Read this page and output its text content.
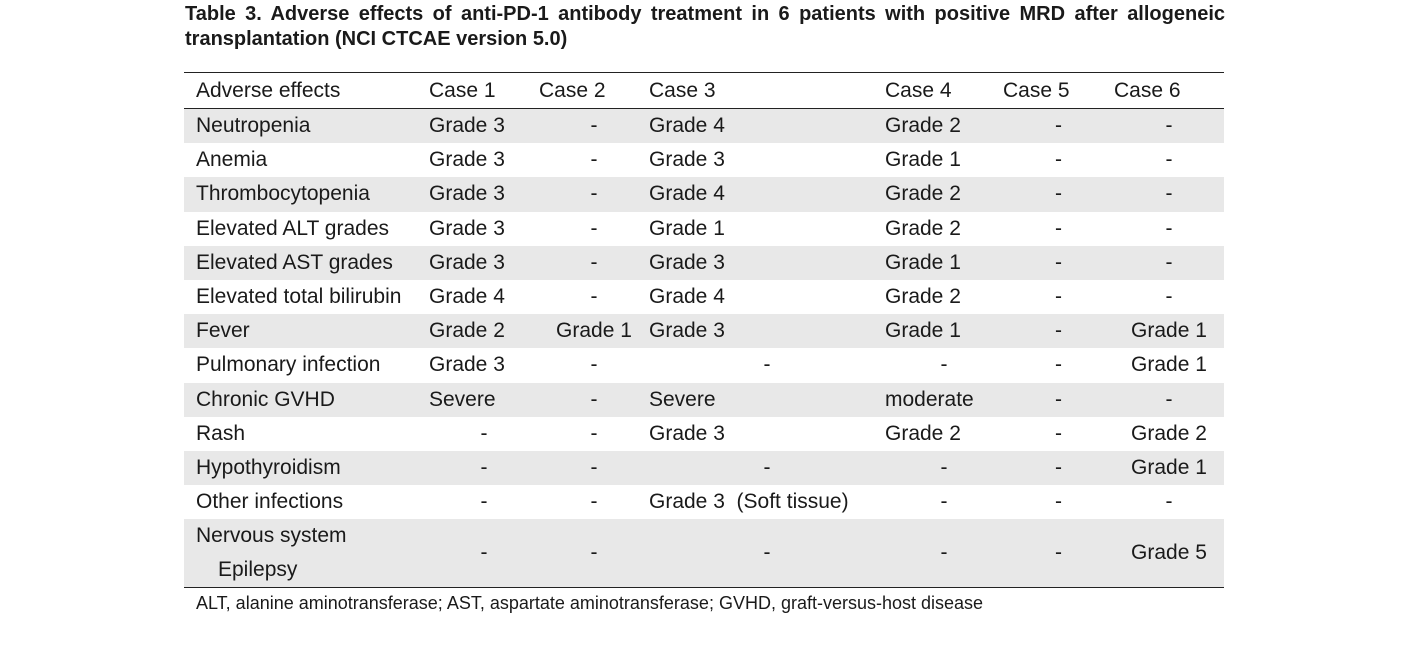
Table 3. Adverse effects of anti-PD-1 antibody treatment in 6 patients with positive MRD after allogeneic transplantation (NCI CTCAE version 5.0)

Adverse effects	Case 1	Case 2	Case 3	Case 4	Case 5	Case 6
Neutropenia	Grade 3	-	Grade 4	Grade 2	-	-
Anemia	Grade 3	-	Grade 3	Grade 1	-	-
Thrombocytopenia	Grade 3	-	Grade 4	Grade 2	-	-
Elevated ALT grades	Grade 3	-	Grade 1	Grade 2	-	-
Elevated AST grades	Grade 3	-	Grade 3	Grade 1	-	-
Elevated total bilirubin	Grade 4	-	Grade 4	Grade 2	-	-
Fever	Grade 2	Grade 1	Grade 3	Grade 1	-	Grade 1
Pulmonary infection	Grade 3	-	-	-	-	Grade 1
Chronic GVHD	Severe	-	Severe	moderate	-	-
Rash	-	-	Grade 3	Grade 2	-	Grade 2
Hypothyroidism	-	-	-	-	-	Grade 1
Other infections	-	-	Grade 3  (Soft tissue)	-	-	-

Nervous system
Epilepsy	-	-	-	-	-	Grade 5

ALT, alanine aminotransferase; AST, aspartate aminotransferase; GVHD, graft-versus-host disease
